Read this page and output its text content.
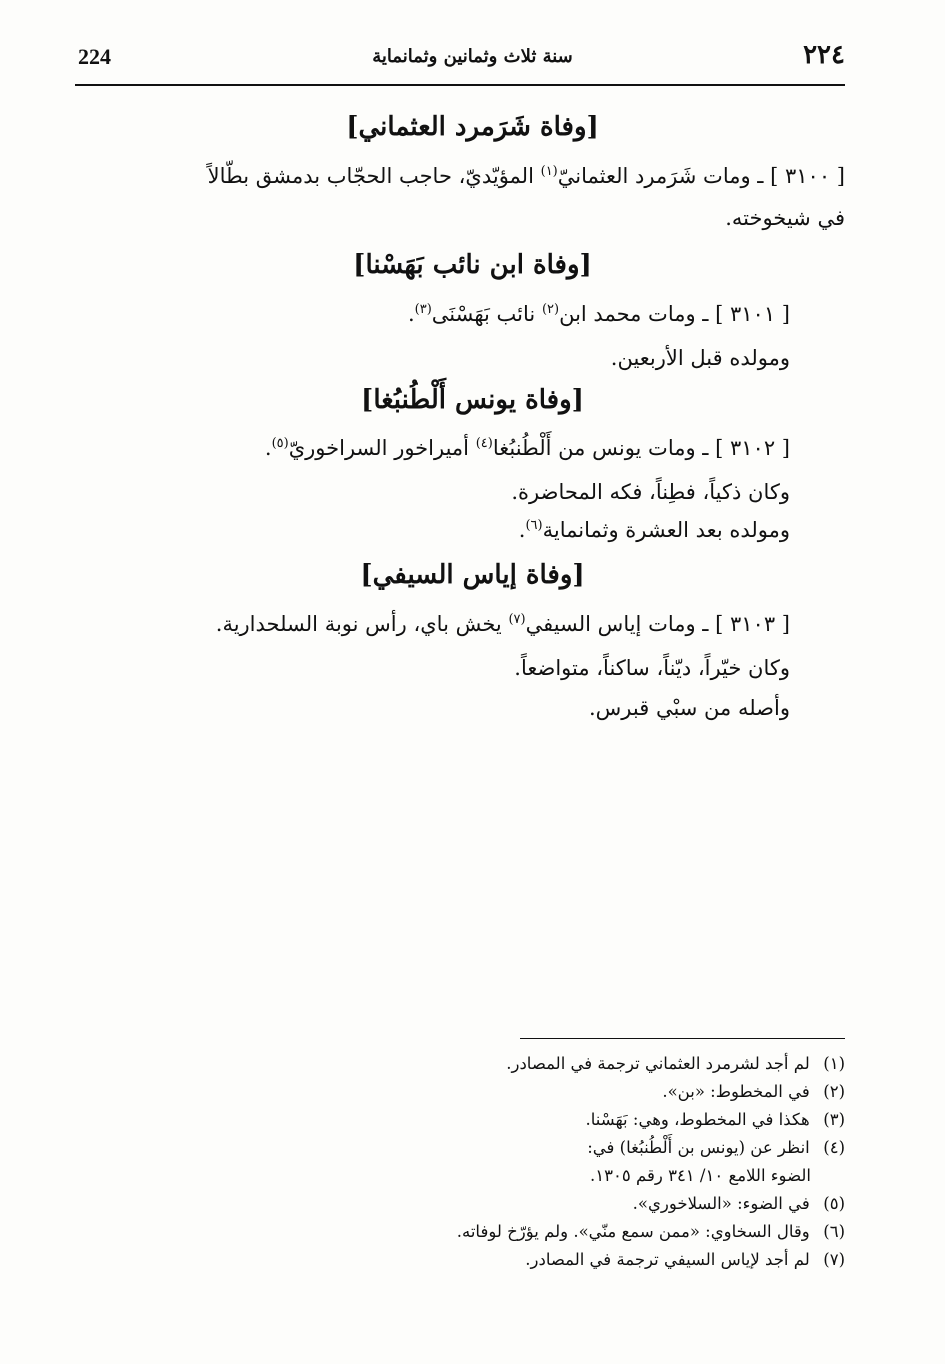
224	سنة ثلاث وثمانين وثمانماية	٢٢٤
[وفاة شَرَمرد العثماني]
[ ٣١٠٠ ] ـ ومات شَرَمرد العثمانيّ$^{(١)}$ المؤيّديّ، حاجب الحجّاب بدمشق بطّالاً
في شيخوخته.
[وفاة ابن نائب بَهَسْنا]
[ ٣١٠١ ] ـ ومات محمد ابن$^{(٢)}$ نائب بَهَسْنَى$^{(٣)}$.
ومولده قبل الأربعين.
[وفاة يونس أَلْطُنبُغا]
[ ٣١٠٢ ] ـ ومات يونس من أَلْطُنبُغا$^{(٤)}$ أميراخور السراخوريّ$^{(٥)}$.
وكان ذكياً، فطِناً، فكه المحاضرة.
ومولده بعد العشرة وثمانماية$^{(٦)}$.
[وفاة إياس السيفي]
[ ٣١٠٣ ] ـ ومات إياس السيفي$^{(٧)}$ يخش باي، رأس نوبة السلحدارية.
وكان خيّراً، ديّناً، ساكناً، متواضعاً.
وأصله من سبْي قبرس.
(١) لم أجد لشرمرد العثماني ترجمة في المصادر.
(٢) في المخطوط: «بن».
(٣) هكذا في المخطوط، وهي: بَهَسْنا.
(٤) انظر عن (يونس بن أَلْطُنبُغا) في:
الضوء اللامع ١٠/ ٣٤١ رقم ١٣٠٥.
(٥) في الضوء: «السلاخوري».
(٦) وقال السخاوي: «ممن سمع منّي». ولم يؤرّخ لوفاته.
(٧) لم أجد لإياس السيفي ترجمة في المصادر.
